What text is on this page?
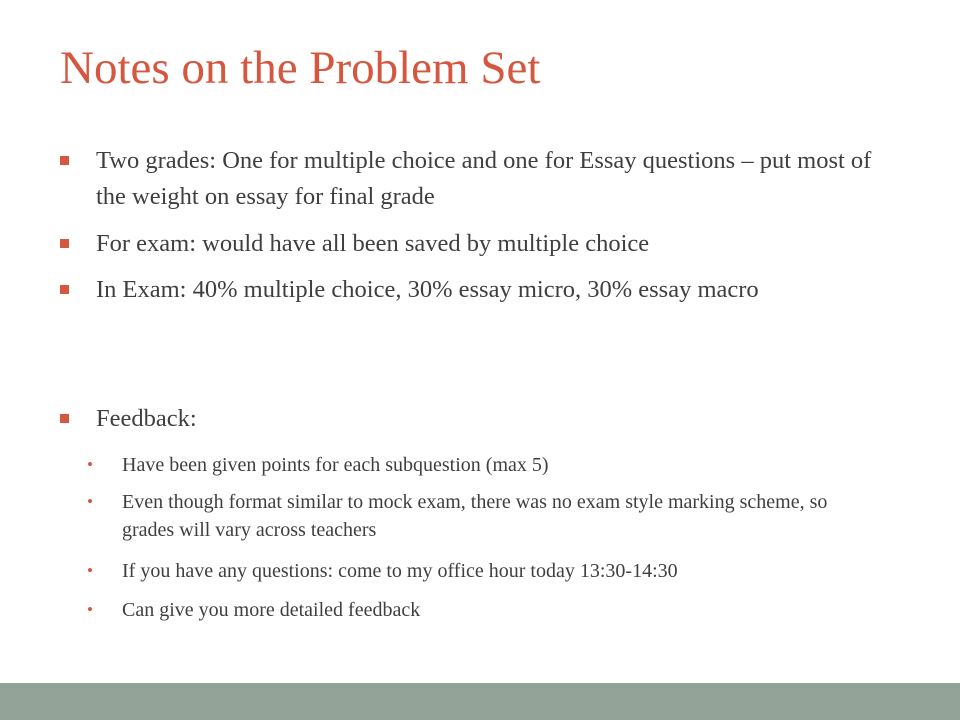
Notes on the Problem Set
Two grades: One for multiple choice and one for Essay questions – put most of the weight on essay for final grade
For exam: would have all been saved by multiple choice
In Exam: 40% multiple choice, 30% essay micro, 30% essay macro
Feedback:
• Have been given points for each subquestion (max 5)
• Even though format similar to mock exam, there was no exam style marking scheme, so grades will vary across teachers
• If you have any questions: come to my office hour today 13:30-14:30
• Can give you more detailed feedback
